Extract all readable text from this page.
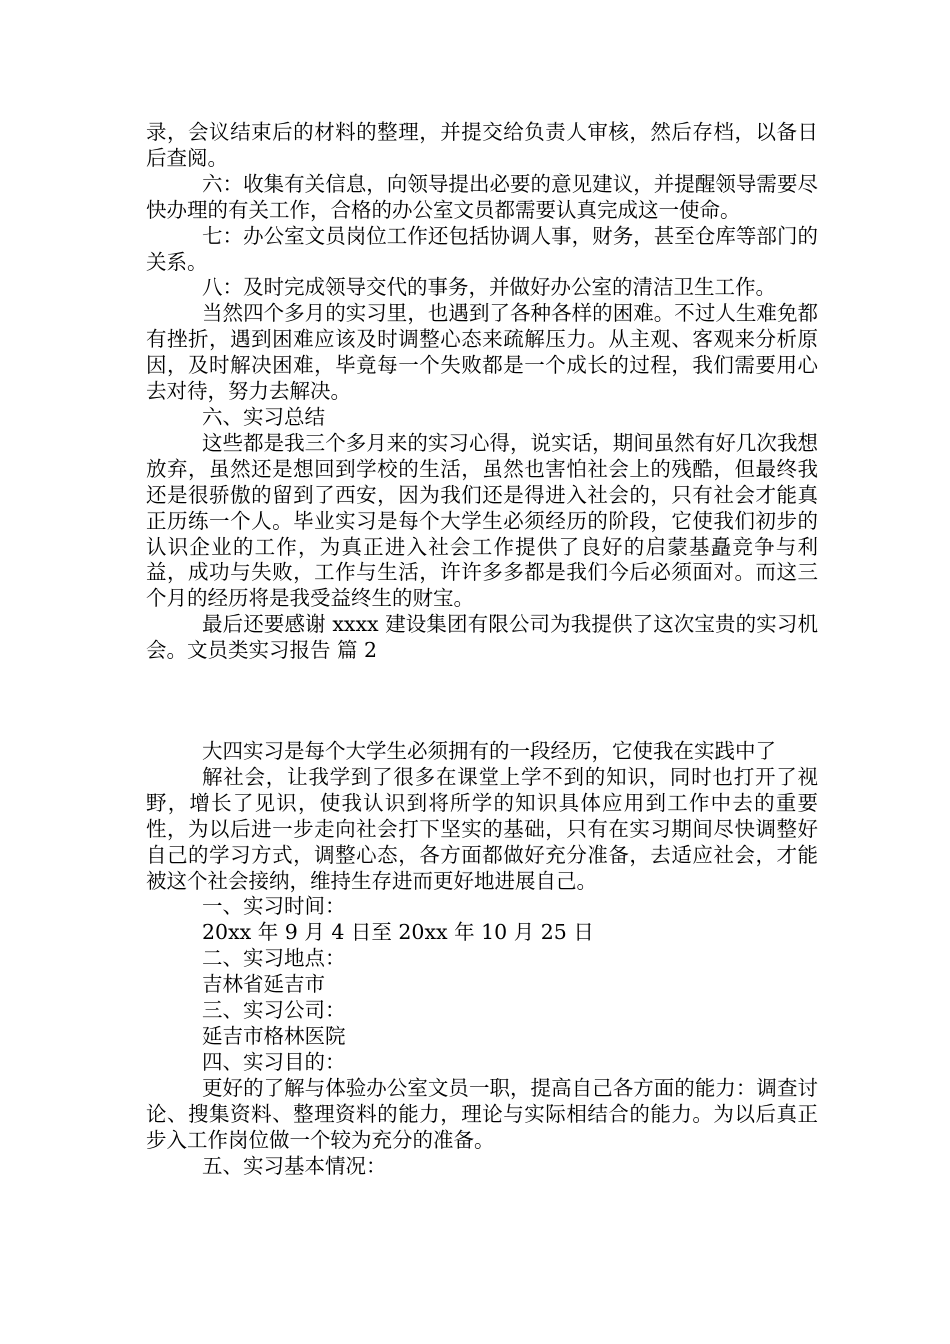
录，会议结束后的材料的整理，并提交给负责人审核，然后存档，以备日后查阅。

六：收集有关信息，向领导提出必要的意见建议，并提醒领导需要尽快办理的有关工作，合格的办公室文员都需要认真完成这一使命。

七：办公室文员岗位工作还包括协调人事，财务，甚至仓库等部门的关系。

八：及时完成领导交代的事务，并做好办公室的清洁卫生工作。

当然四个多月的实习里，也遇到了各种各样的困难。不过人生难免都有挫折，遇到困难应该及时调整心态来疏解压力。从主观、客观来分析原因，及时解决困难，毕竟每一个失败都是一个成长的过程，我们需要用心去对待，努力去解决。

六、实习总结

这些都是我三个多月来的实习心得，说实话，期间虽然有好几次我想放弃，虽然还是想回到学校的生活，虽然也害怕社会上的残酷，但最终我还是很骄傲的留到了西安，因为我们还是得进入社会的，只有社会才能真正历练一个人。毕业实习是每个大学生必须经历的阶段，它使我们初步的认识企业的工作，为真正进入社会工作提供了良好的启蒙基矗竞争与利益，成功与失败，工作与生活，许许多多都是我们今后必须面对。而这三个月的经历将是我受益终生的财宝。

最后还要感谢 xxxx 建设集团有限公司为我提供了这次宝贵的实习机会。文员类实习报告 篇 2

大四实习是每个大学生必须拥有的一段经历，它使我在实践中了

解社会，让我学到了很多在课堂上学不到的知识，同时也打开了视野，增长了见识，使我认识到将所学的知识具体应用到工作中去的重要性，为以后进一步走向社会打下坚实的基础，只有在实习期间尽快调整好自己的学习方式，调整心态，各方面都做好充分准备，去适应社会，才能被这个社会接纳，维持生存进而更好地进展自己。

一、实习时间：

20xx 年 9 月 4 日至 20xx 年 10 月 25 日

二、实习地点：

吉林省延吉市

三、实习公司：

延吉市格林医院

四、实习目的：

更好的了解与体验办公室文员一职，提高自己各方面的能力：调查讨论、搜集资料、整理资料的能力，理论与实际相结合的能力。为以后真正步入工作岗位做一个较为充分的准备。

五、实习基本情况：
